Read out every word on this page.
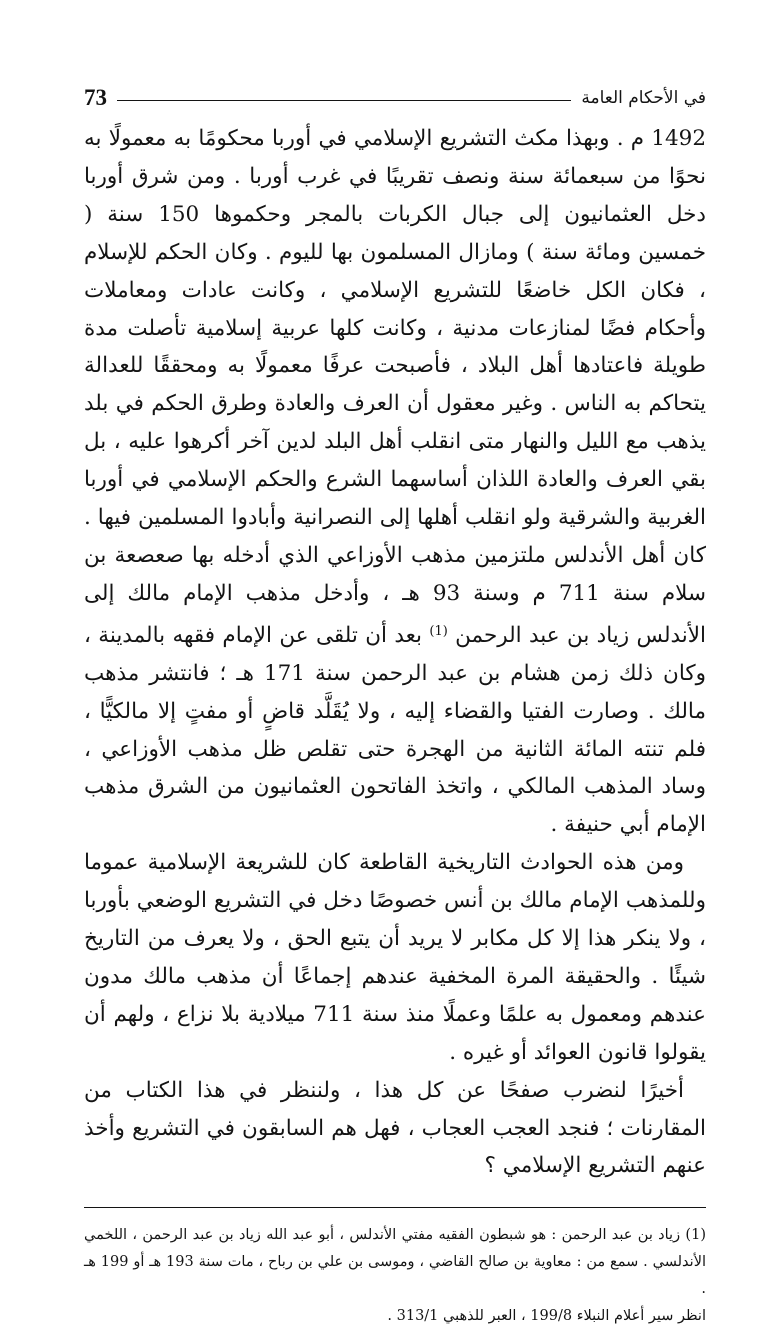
في الأحكام العامة
73

1492 م . وبهذا مكث التشريع الإسلامي في أوربا محكومًا به معمولًا به نحوًا من سبعمائة سنة ونصف تقريبًا في غرب أوربا . ومن شرق أوربا دخل العثمانيون إلى جبال الكربات بالمجر وحكموها 150 سنة ( خمسين ومائة سنة ) ومازال المسلمون بها لليوم . وكان الحكم للإسلام ، فكان الكل خاضعًا للتشريع الإسلامي ، وكانت عادات ومعاملات وأحكام فضًا لمنازعات مدنية ، وكانت كلها عربية إسلامية تأصلت مدة طويلة فاعتادها أهل البلاد ، فأصبحت عرفًا معمولًا به ومحققًا للعدالة يتحاكم به الناس . وغير معقول أن العرف والعادة وطرق الحكم في بلد يذهب مع الليل والنهار متى انقلب أهل البلد لدين آخر أكرهوا عليه ، بل بقي العرف والعادة اللذان أساسهما الشرع والحكم الإسلامي في أوربا الغربية والشرقية ولو انقلب أهلها إلى النصرانية وأبادوا المسلمين فيها . كان أهل الأندلس ملتزمين مذهب الأوزاعي الذي أدخله بها صعصعة بن سلام سنة 711 م وسنة 93 هـ ، وأدخل مذهب الإمام مالك إلى الأندلس زياد بن عبد الرحمن $^{(1)}$ بعد أن تلقى عن الإمام فقهه بالمدينة ، وكان ذلك زمن هشام بن عبد الرحمن سنة 171 هـ ؛ فانتشر مذهب مالك . وصارت الفتيا والقضاء إليه ، ولا يُقَلَّد قاضٍ أو مفتٍ إلا مالكيًّا ، فلم تنته المائة الثانية من الهجرة حتى تقلص ظل مذهب الأوزاعي ، وساد المذهب المالكي ، واتخذ الفاتحون العثمانيون من الشرق مذهب الإمام أبي حنيفة .

ومن هذه الحوادث التاريخية القاطعة كان للشريعة الإسلامية عموما وللمذهب الإمام مالك بن أنس خصوصًا دخل في التشريع الوضعي بأوربا ، ولا ينكر هذا إلا كل مكابر لا يريد أن يتبع الحق ، ولا يعرف من التاريخ شيئًا . والحقيقة المرة المخفية عندهم إجماعًا أن مذهب مالك مدون عندهم ومعمول به علمًا وعملًا منذ سنة 711 ميلادية بلا نزاع ، ولهم أن يقولوا قانون العوائد أو غيره .

أخيرًا لنضرب صفحًا عن كل هذا ، ولننظر في هذا الكتاب من المقارنات ؛ فنجد العجب العجاب ، فهل هم السابقون في التشريع وأخذ عنهم التشريع الإسلامي ؟

(1) زياد بن عبد الرحمن : هو شبطون الفقيه مفتي الأندلس ، أبو عبد الله زياد بن عبد الرحمن ، اللخمي الأندلسي . سمع من : معاوية بن صالح القاضي ، وموسى بن علي بن رباح ، مات سنة 193 هـ أو 199 هـ .

انظر سير أعلام النبلاء 199/8 ، العبر للذهبي 313/1 .
